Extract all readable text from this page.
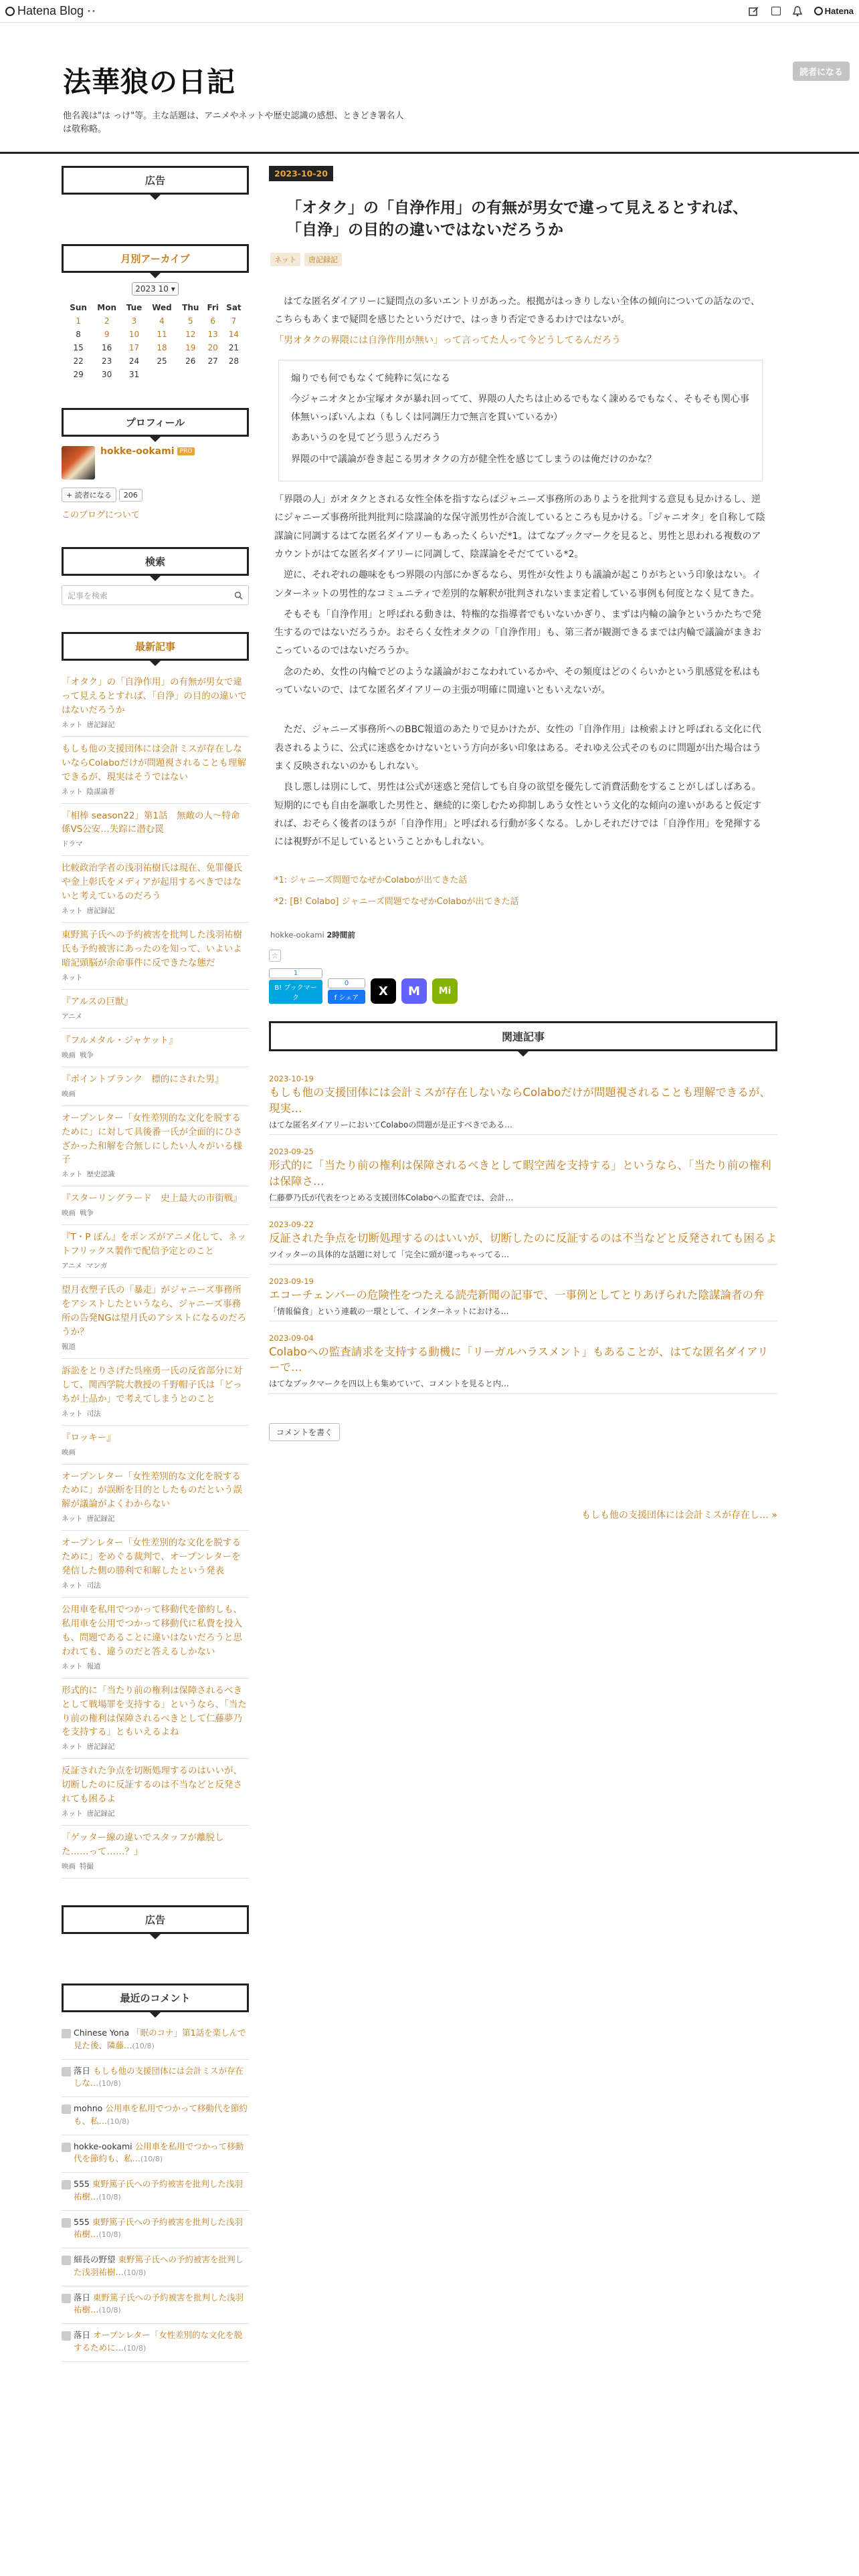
Hatena Blog • •	Hatena
法華狼の日記
他名義は"は っけ"等。主な話題は、アニメやネットや歴史認識の感想、ときどき署名人は敬称略。
読者になる
広告
月別アーカイブ
2023 10 ▾
Sun	Mon	Tue	Wed	Thu	Fri	Sat
1	2	3	4	5	6	7
8	9	10	11	12	13	14
15	16	17	18	19	20	21
22	23	24	25	26	27	28
29	30	31				
プロフィール
hokke-ookami PRO
+ 読者になる	206
このブログについて
検索
記事を検索
最新記事
「オタク」の「自浄作用」の有無が男女で違って見えるとすれば、「自浄」の目的の違いではないだろうか
ネット 唐記録記
もしも他の支援団体には会計ミスが存在しないならColaboだけが問題視されることも理解できるが、現実はそうではない
ネット 陰謀論者
「相棒 season22」第1話　無敵の人〜特命係VS公安…失踪に潜む罠
ドラマ
比較政治学者の浅羽祐樹氏は現在、免罪優氏や金上彰氏をメディアが起用するべきではないと考えているのだろう
ネット 唐記録記
東野篤子氏への予約被害を批判した浅羽祐樹氏も予約被害にあったのを知って、いよいよ暗記頭脳が余命事件に反できたな態だ
ネット
『アルスの巨獣』
アニメ
『フルメタル・ジャケット』
映画 戦争
『ポイントブランク　標的にされた男』
映画
オープンレター「女性差別的な文化を脱するために」に対して具後番一氏が全面的にひさざかった和解を合無しにしたい人々がいる様子
ネット 歴史認識
『スターリングラード　史上最大の市街戦』
映画 戦争
『T・P ぼん』をポンズがアニメ化して、ネットフリックス製作で配信予定とのこと
アニメ マンガ
望月衣塑子氏の「暴走」がジャニーズ事務所をアシストしたというなら、ジャニーズ事務所の告発NGは望月氏のアシストになるのだろうか？
報道
訴訟をとりさげた呉座勇一氏の反省部分に対して、関西学院大教授の千野帽子氏は「どっちが上品か」で考えてしまうとのこと
ネット 司法
『ロッキー』
映画
オープンレター「女性差別的な文化を脱するために」が誤断を目的としたものだという誤解が議論がよくわからない
ネット 唐記録記
オープンレター「女性差別的な文化を脱するために」をめぐる裁判で、オープンレターを発信した側の勝利で和解したという発表
ネット 司法
公用車を私用でつかって移動代を節約しも、私用車を公用でつかって移動代に私費を投入も、問題であることに違いはないだろうと思われても、違うのだと答えるしかない
ネット 報道
形式的に「当たり前の権利は保障されるべきとして戦場罪を支持する」というなら、「当たり前の権利は保障されるべきとして仁藤夢乃を支持する」ともいえるよね
ネット 唐記録記
反証された争点を切断処理するのはいいが、切断したのに反証するのは不当などと反発されても困るよ
ネット 唐記録記
「ゲッター線の違いでスタッフが離脱した……って……？」
映画 特撮
広告
最近のコメント
Chinese Yona 「眠のコナ」第1話を楽しんで見た後、隣藤…(10/8)
落日 もしも他の支援団体には会計ミスが存在しな…(10/8)
mohno 公用車を私用でつかって移動代を節約も、私…(10/8)
hokke-ookami 公用車を私用でつかって移動代を節約も、私…(10/8)
555 東野篤子氏への予約被害を批判した浅羽祐樹…(10/8)
555 東野篤子氏への予約被害を批判した浅羽祐樹…(10/8)
細長の野望 東野篤子氏への予約被害を批判した浅羽祐樹…(10/8)
落日 東野篤子氏への予約被害を批判した浅羽祐樹…(10/8)
落日 オープンレター「女性差別的な文化を脱するために…(10/8)
2023-10-20
「オタク」の「自浄作用」の有無が男女で違って見えるとすれば、「自浄」の目的の違いではないだろうか
ネット	唐記録記

はてな匿名ダイアリーに疑問点の多いエントリがあった。根拠がはっきりしない全体の傾向についての話なので、こちらもあくまで疑問を感じたというだけで、はっきり否定できるわけではないが。

「男オタクの界隈には自浄作用が無い」って言ってた人って今どうしてるんだろう

煽りでも何でもなくて純粋に気になる

今ジャニオタとか宝塚オタが暴れ回ってて、界隈の人たちは止めるでもなく諌めるでもなく、そもそも関心事体無いっぽいんよね（もしくは同調圧力で無言を貫いているか）

ああいうのを見てどう思うんだろう

界隈の中で議論が巻き起こる男オタクの方が健全性を感じてしまうのは俺だけのかな？

「界隈の人」がオタクとされる女性全体を指すならばジャニーズ事務所のありようを批判する意見も見かけるし、逆にジャニーズ事務所批判批判に陰謀論的な保守派男性が合流しているところも見かける。「ジャニオタ」を自称して陰謀論に同調するはてな匿名ダイアリーもあったくらいだ*1。はてなブックマークを見ると、男性と思われる複数のアカウントがはてな匿名ダイアリーに同調して、陰謀論をそだてている*2。

逆に、それぞれの趣味をもつ界隈の内部にかぎるなら、男性が女性よりも議論が起こりがちという印象はない。インターネットの男性的なコミュニティで差別的な解釈が批判されないまま定着している事例も何度となく見てきた。

そもそも「自浄作用」と呼ばれる動きは、特権的な指導者でもいないかぎり、まずは内輪の論争というかたちで発生するのではないだろうか。おそらく女性オタクの「自浄作用」も、第三者が観測できるまでは内輪で議論がまきおこっているのではないだろうか。

念のため、女性の内輪でどのような議論がおこなわれているかや、その頻度はどのくらいかという肌感覚を私はもっていないので、はてな匿名ダイアリーの主張が明確に間違いともいえないが。

ただ、ジャニーズ事務所へのBBC報道のあたりで見かけたが、女性の「自浄作用」は検索よけと呼ばれる文化に代表されるように、公式に迷惑をかけないという方向が多い印象はある。それゆえ公式そのものに問題が出た場合はうまく反映されないのかもしれない。

良し悪しは別にして、男性は公式が迷惑と発信しても自身の欲望を優先して消費活動をすることがしばしばある。短期的にでも自由を謳歌した男性と、継続的に楽しむため抑制しあう女性という文化的な傾向の違いがあると仮定すれば、おそらく後者のほうが「自浄作用」と呼ばれる行動が多くなる。しかしそれだけでは「自浄作用」を発揮するには視野が不足しているということかもしれない。

*1: ジャニーズ問題でなぜかColaboが出てきた話

*2: [B! Colabo] ジャニーズ問題でなぜかColaboが出てきた話

hokke-ookami 2時間前
☆
1
B! ブックマーク
0
f シェア	X	M	Mi
関連記事
2023-10-19
もしも他の支援団体には会計ミスが存在しないならColaboだけが問題視されることも理解できるが、現実…
はてな匿名ダイアリーにおいてColaboの問題が是正すべきである…
2023-09-25
形式的に「当たり前の権利は保障されるべきとして暇空茜を支持する」というなら、「当たり前の権利は保障さ…
仁藤夢乃氏が代表をつとめる支援団体Colaboへの監査では、会計…
2023-09-22
反証された争点を切断処理するのはいいが、切断したのに反証するのは不当などと反発されても困るよ
ツイッターの具体的な話題に対して「完全に頭が違っちゃってる…
2023-09-19
エコーチェンバーの危険性をつたえる読売新聞の記事で、一事例としてとりあげられた陰謀論者の弁
「情報偏食」という連載の一環として、インターネットにおける…
2023-09-04
Colaboへの監査請求を支持する動機に「リーガルハラスメント」もあることが、はてな匿名ダイアリーで…
はてなブックマークを四以上も集めていて、コメントを見ると内…
コメントを書く
もしも他の支援団体には会計ミスが存在し… »
